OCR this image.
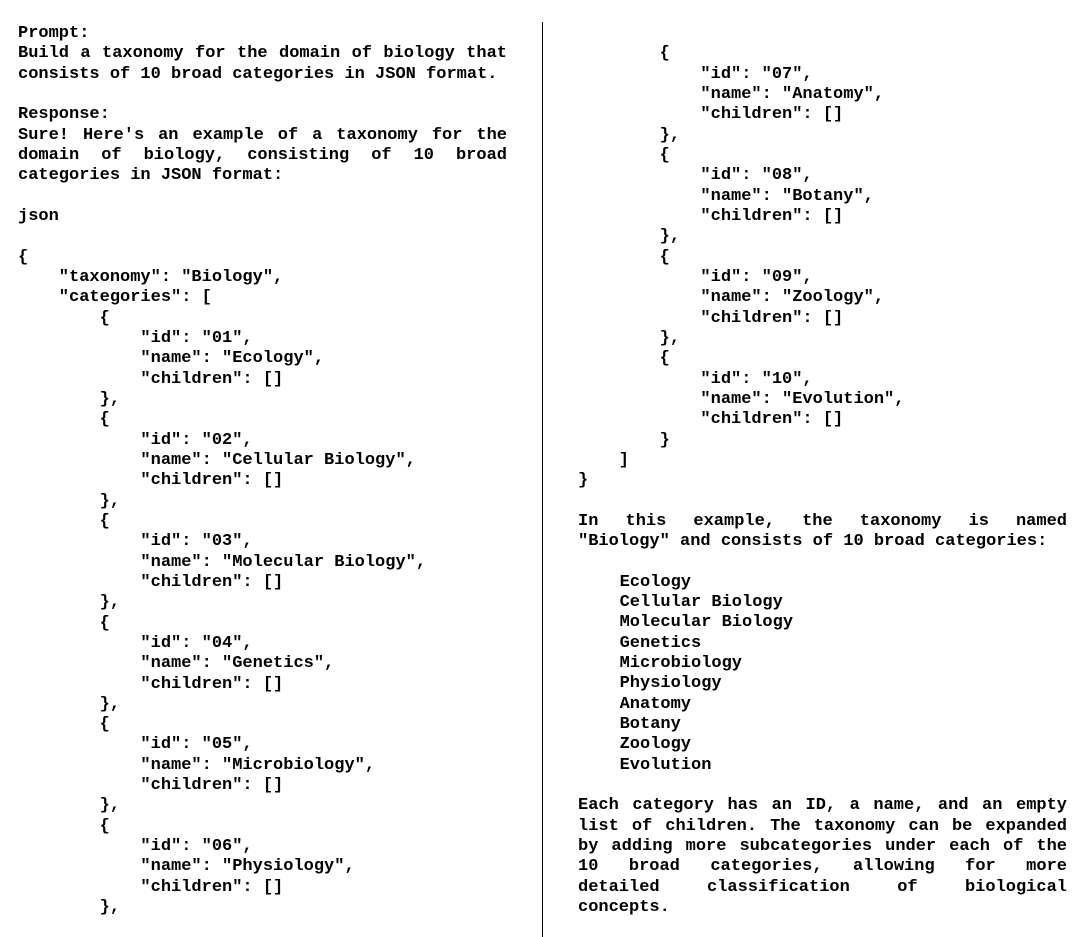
Prompt:
Build a taxonomy for the domain of biology that
consists of 10 broad categories in JSON format.

Response:
Sure! Here's an example of a taxonomy for the
domain of biology, consisting of 10 broad
categories in JSON format:

json

{
"taxonomy": "Biology",
"categories": [
{
"id": "01",
"name": "Ecology",
"children": []
},
{
"id": "02",
"name": "Cellular Biology",
"children": []
},
{
"id": "03",
"name": "Molecular Biology",
"children": []
},
{
"id": "04",
"name": "Genetics",
"children": []
},
{
"id": "05",
"name": "Microbiology",
"children": []
},
{
"id": "06",
"name": "Physiology",
"children": []
},
{
"id": "07",
"name": "Anatomy",
"children": []
},
{
"id": "08",
"name": "Botany",
"children": []
},
{
"id": "09",
"name": "Zoology",
"children": []
},
{
"id": "10",
"name": "Evolution",
"children": []
}
]
}

In this example, the taxonomy is named
"Biology" and consists of 10 broad categories:

Ecology
Cellular Biology
Molecular Biology
Genetics
Microbiology
Physiology
Anatomy
Botany
Zoology
Evolution

Each category has an ID, a name, and an empty
list of children. The taxonomy can be expanded
by adding more subcategories under each of the
10 broad categories, allowing for more
detailed classification of biological
concepts.
